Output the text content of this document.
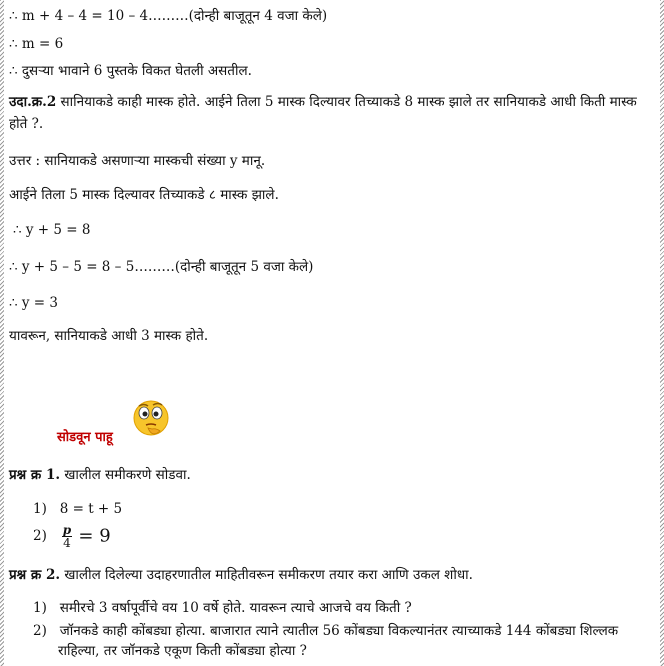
∴ m + 4 – 4 = 10 – 4………(दोन्ही बाजूतून 4 वजा केले)
∴ m = 6
∴ दुसऱ्या भावाने 6 पुस्तके विकत घेतली असतील.
उदा.क्र.2 सानियाकडे काही मास्क होते. आईने तिला 5 मास्क दिल्यावर तिच्याकडे 8 मास्क झाले तर सानियाकडे आधी किती मास्क होते ?.
उत्तर : सानियाकडे असणाऱ्या मास्कची संख्या y मानू.
आईने तिला 5 मास्क दिल्यावर तिच्याकडे ८ मास्क झाले.
∴ y + 5 = 8
∴ y + 5 – 5 = 8 – 5………(दोन्ही बाजूतून 5 वजा केले)
∴ y = 3
यावरून, सानियाकडे आधी 3 मास्क होते.
सोडवून पाहू
प्रश्न क्र 1. खालील समीकरणे सोडवा.
1) 8 = t + 5
$2) \frac{p}{4} = 9$
प्रश्न क्र 2. खालील दिलेल्या उदाहरणातील माहितीवरून समीकरण तयार करा आणि उकल शोधा.
1) समीरचे 3 वर्षापूर्वीचे वय 10 वर्षे होते. यावरून त्याचे आजचे वय किती ?
2) जॉनकडे काही कोंबड्या होत्या. बाजारात त्याने त्यातील 56 कोंबड्या विकल्यानंतर त्याच्याकडे 144 कोंबड्या शिल्लक
राहिल्या, तर जॉनकडे एकूण किती कोंबड्या होत्या ?
